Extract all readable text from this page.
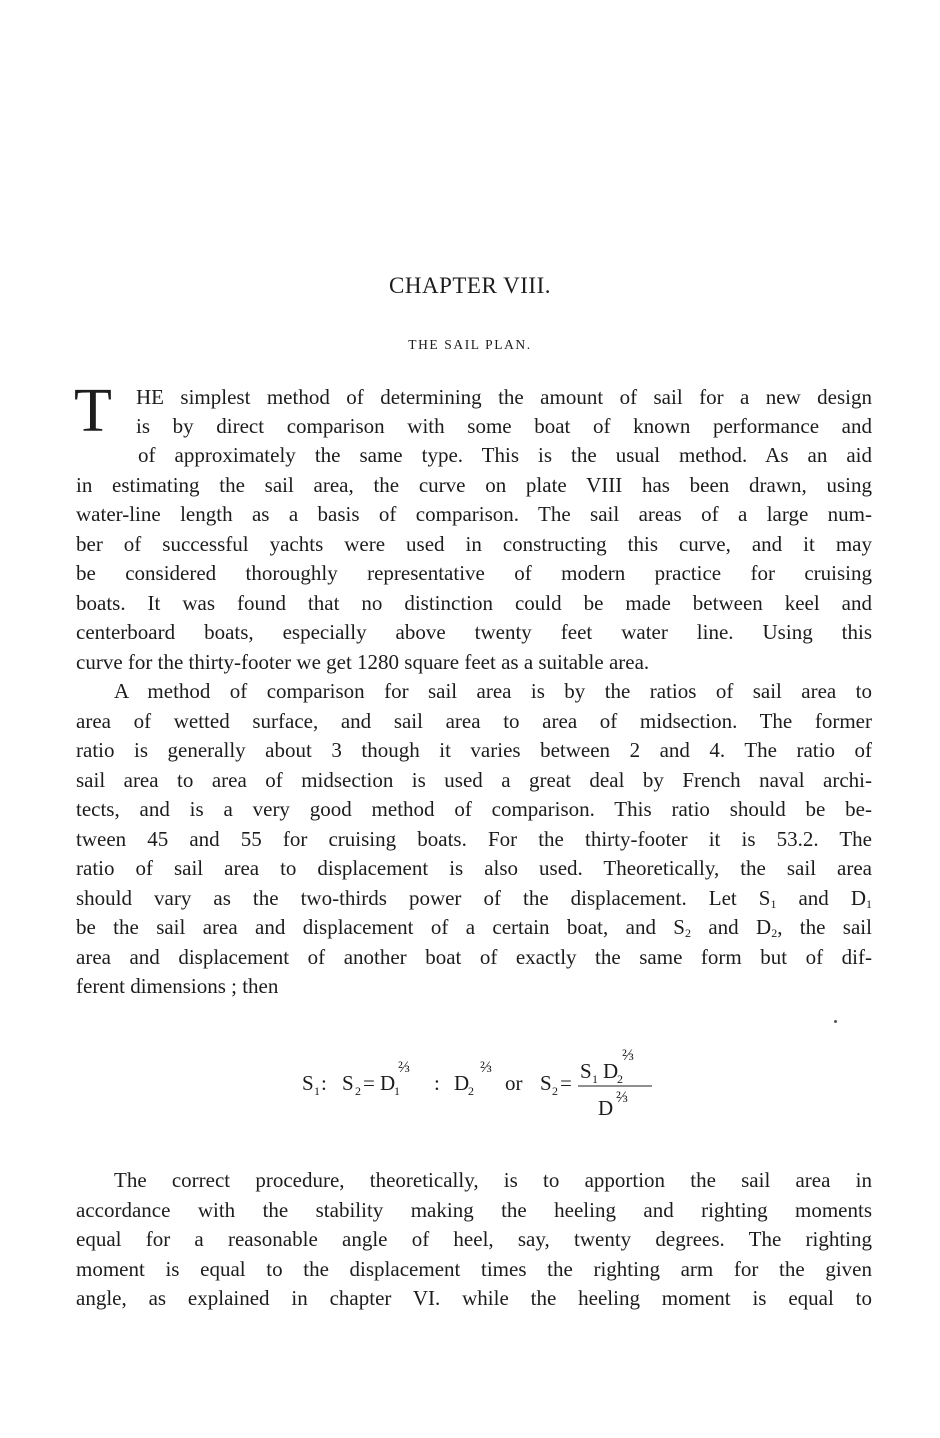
CHAPTER VIII.
THE SAIL PLAN.
T HE simplest method of determining the amount of sail for a new design
is by direct comparison with some boat of known performance and
of approximately the same type. This is the usual method. As an aid
in estimating the sail area, the curve on plate VIII has been drawn, using
water-line length as a basis of comparison. The sail areas of a large num-
ber of successful yachts were used in constructing this curve, and it may
be considered thoroughly representative of modern practice for cruising
boats. It was found that no distinction could be made between keel and
centerboard boats, especially above twenty feet water line. Using this
curve for the thirty-footer we get 1280 square feet as a suitable area.
A method of comparison for sail area is by the ratios of sail area to
area of wetted surface, and sail area to area of midsection. The former
ratio is generally about 3 though it varies between 2 and 4. The ratio of
sail area to area of midsection is used a great deal by French naval archi-
tects, and is a very good method of comparison. This ratio should be be-
tween 45 and 55 for cruising boats. For the thirty-footer it is 53.2. The
ratio of sail area to displacement is also used. Theoretically, the sail area
should vary as the two-thirds power of the displacement. Let $S_1$ and $D_1$
be the sail area and displacement of a certain boat, and $S_2$ and $D_2$, the sail
area and displacement of another boat of exactly the same form but of dif-
ferent dimensions ; then
S 1 : S 2 = D
1
⅔
: D
2
⅔
or S 2 = S 1 D
2
⅔
D ⅔
The correct procedure, theoretically, is to apportion the sail area in
accordance with the stability making the heeling and righting moments
equal for a reasonable angle of heel, say, twenty degrees. The righting
moment is equal to the displacement times the righting arm for the given
angle, as explained in chapter VI. while the heeling moment is equal to
